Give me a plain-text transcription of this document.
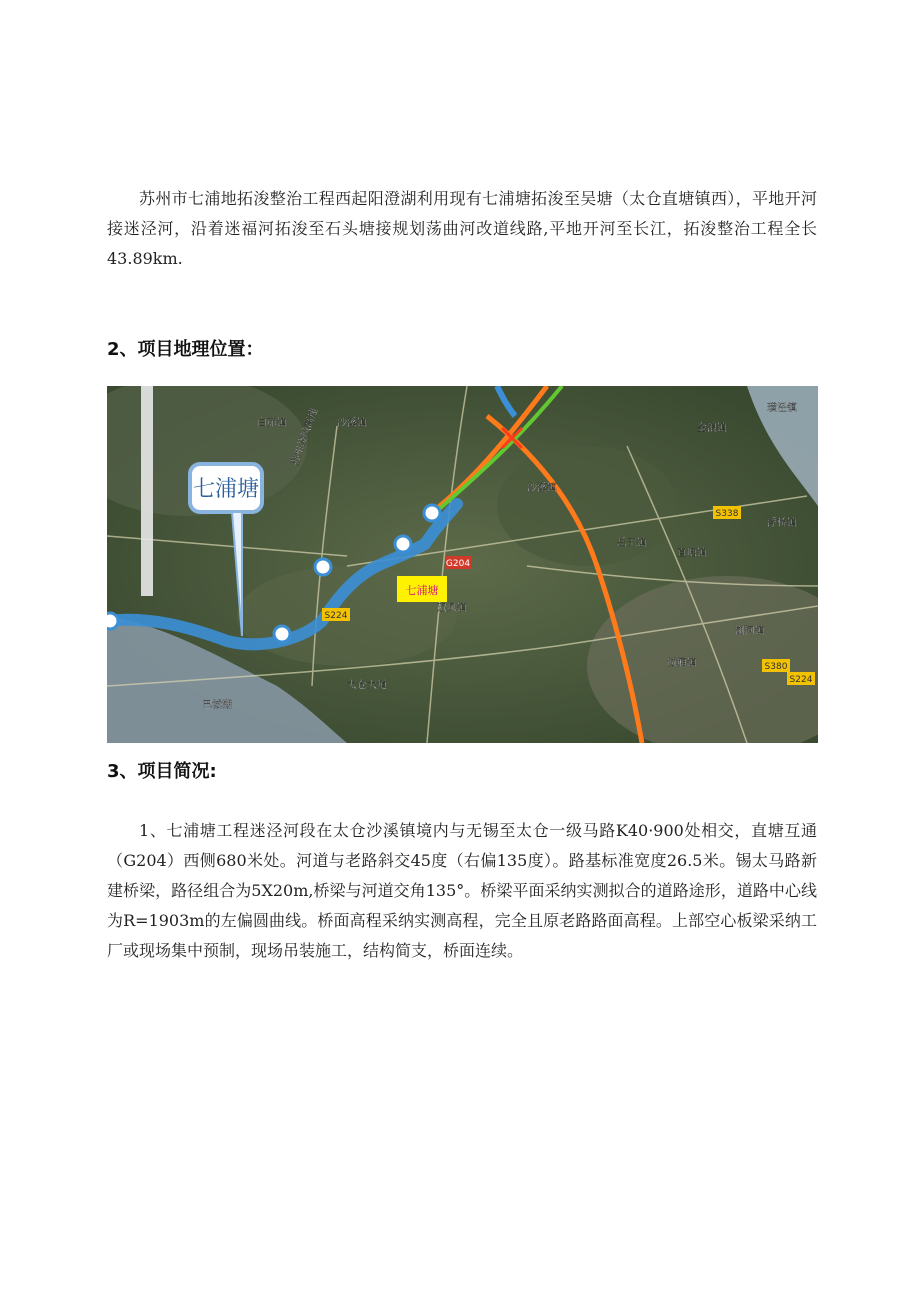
苏州市七浦地拓浚整治工程西起阳澄湖利用现有七浦塘拓浚至吴塘（太仓直塘镇西），平地开河接迷泾河，沿着迷福河拓浚至石头塘接规划荡曲河改道线路,平地开河至长江，拓浚整治工程全长43.89km.

2、项目地理位置：
七浦塘
七浦塘
S338
S224
S380
S224
G204
直塘镇
白茆镇
沙溪镇
浏河镇
浮桥镇
金浪镇
璜泾镇
岳王镇
双凤镇
城厢镇
巴城湖
苏州绕城高速
太仓大道
沙溪镇
3、项目简况:

1、七浦塘工程迷泾河段在太仓沙溪镇境内与无锡至太仓一级马路K40·900处相交，直塘互通（G204）西侧680米处。河道与老路斜交45度（右偏135度）。路基标准宽度26.5米。锡太马路新建桥梁，路径组合为5X20m,桥梁与河道交角135°。桥梁平面采纳实测拟合的道路途形，道路中心线为R=1903m的左偏圆曲线。桥面高程采纳实测高程，完全且原老路路面高程。上部空心板梁采纳工厂或现场集中预制，现场吊装施工，结构简支，桥面连续。
